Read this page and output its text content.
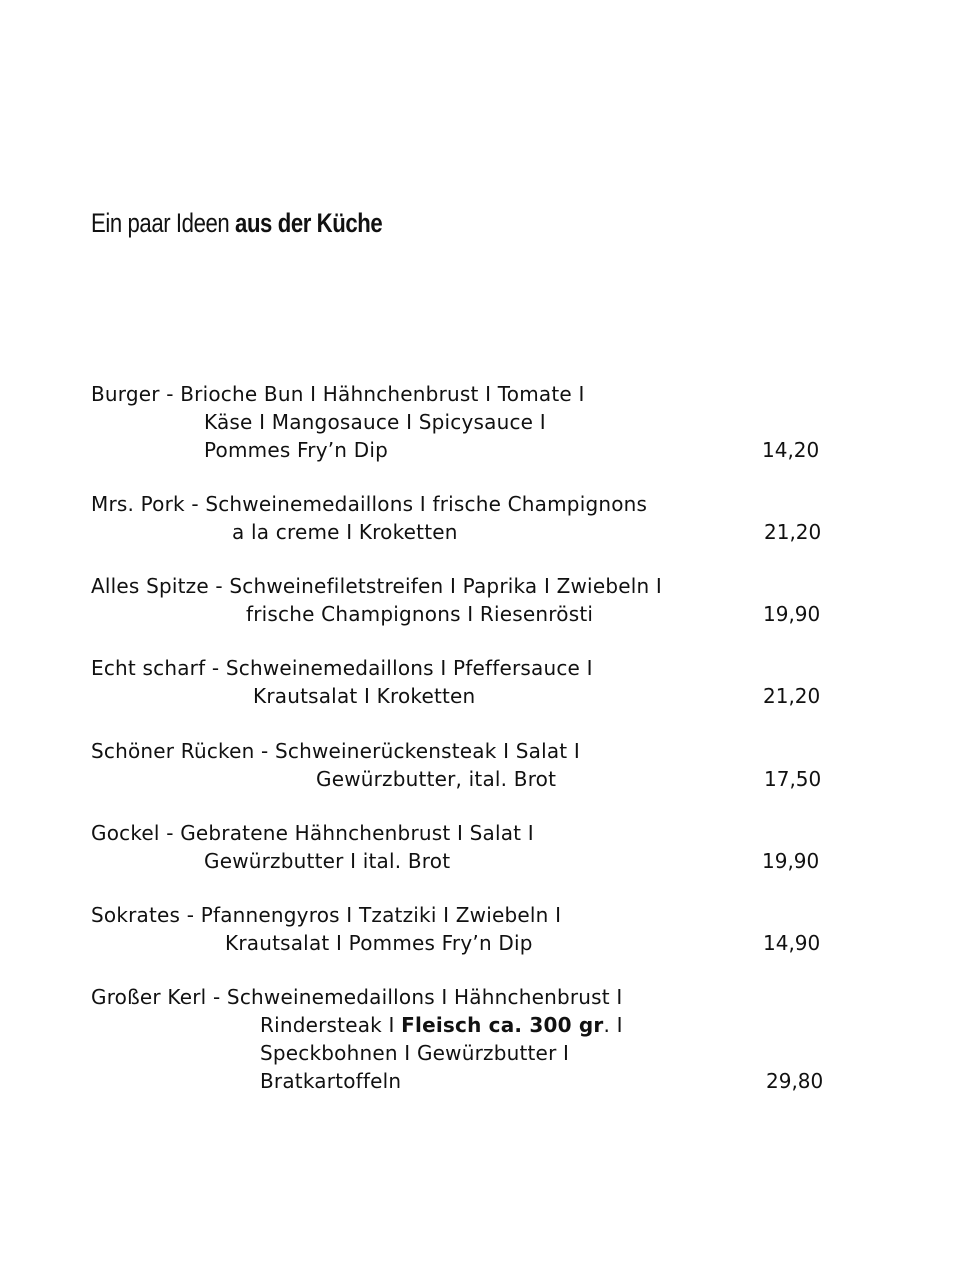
Ein paar Ideen aus der Küche
Burger - Brioche Bun I Hähnchenbrust I Tomate I
Käse I Mangosauce I Spicysauce I
Pommes Fry’n Dip	14,20
Mrs. Pork - Schweinemedaillons I frische Champignons
a la creme I Kroketten	21,20
Alles Spitze - Schweinefiletstreifen I Paprika I Zwiebeln I
frische Champignons I Riesenrösti	19,90
Echt scharf - Schweinemedaillons I Pfeffersauce I
Krautsalat I Kroketten	21,20
Schöner Rücken - Schweinerückensteak I Salat I
Gewürzbutter, ital. Brot	17,50
Gockel - Gebratene Hähnchenbrust I Salat I
Gewürzbutter I ital. Brot	19,90
Sokrates - Pfannengyros I Tzatziki I Zwiebeln I
Krautsalat I Pommes Fry’n Dip	14,90
Großer Kerl - Schweinemedaillons I Hähnchenbrust I
Rindersteak I Fleisch ca. 300 gr. I
Speckbohnen I Gewürzbutter I
Bratkartoffeln	29,80
